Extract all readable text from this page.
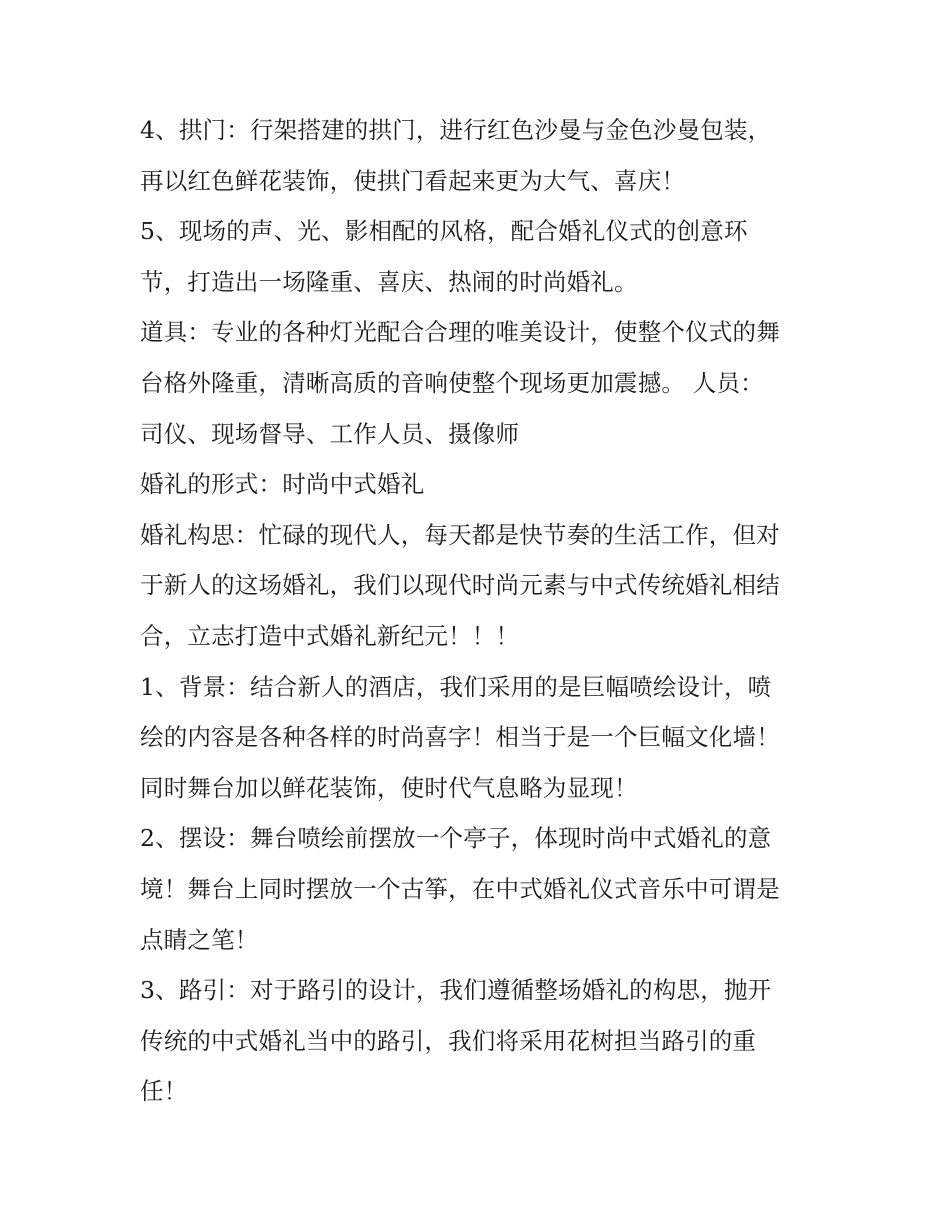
4、拱门：行架搭建的拱门，进行红色沙曼与金色沙曼包装，
再以红色鲜花装饰，使拱门看起来更为大气、喜庆！
5、现场的声、光、影相配的风格，配合婚礼仪式的创意环
节，打造出一场隆重、喜庆、热闹的时尚婚礼。
道具：专业的各种灯光配合合理的唯美设计，使整个仪式的舞
台格外隆重，清晰高质的音响使整个现场更加震撼。 人员：
司仪、现场督导、工作人员、摄像师
婚礼的形式：时尚中式婚礼
婚礼构思：忙碌的现代人，每天都是快节奏的生活工作，但对
于新人的这场婚礼，我们以现代时尚元素与中式传统婚礼相结
合，立志打造中式婚礼新纪元！！！
1、背景：结合新人的酒店，我们采用的是巨幅喷绘设计，喷
绘的内容是各种各样的时尚喜字！相当于是一个巨幅文化墙！
同时舞台加以鲜花装饰，使时代气息略为显现！
2、摆设：舞台喷绘前摆放一个亭子，体现时尚中式婚礼的意
境！舞台上同时摆放一个古筝，在中式婚礼仪式音乐中可谓是
点睛之笔！
3、路引：对于路引的设计，我们遵循整场婚礼的构思，抛开
传统的中式婚礼当中的路引，我们将采用花树担当路引的重
任！
